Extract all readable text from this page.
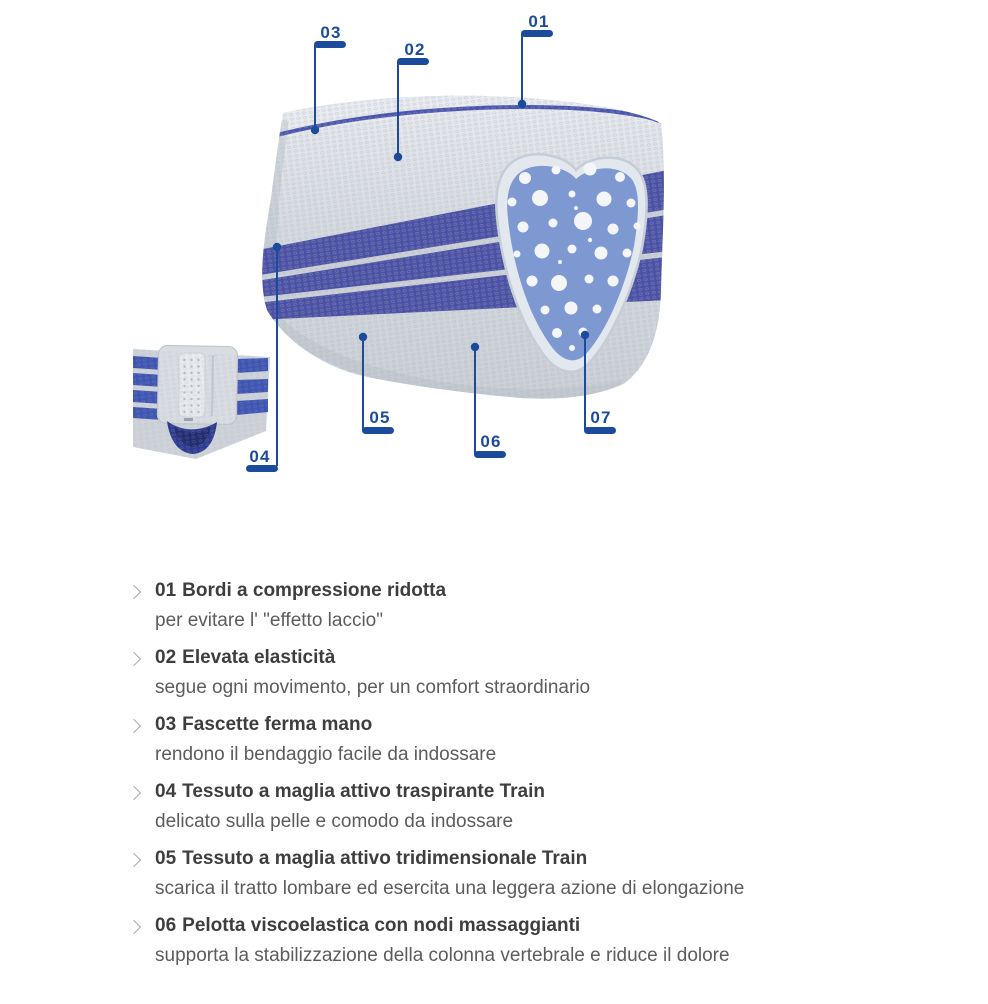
01
02
03
04
05
06
07
01 Bordi a compressione ridotta
per evitare l' "effetto laccio"
02 Elevata elasticità
segue ogni movimento, per un comfort straordinario
03 Fascette ferma mano
rendono il bendaggio facile da indossare
04 Tessuto a maglia attivo traspirante Train
delicato sulla pelle e comodo da indossare
05 Tessuto a maglia attivo tridimensionale Train
scarica il tratto lombare ed esercita una leggera azione di elongazione
06 Pelotta viscoelastica con nodi massaggianti
supporta la stabilizzazione della colonna vertebrale e riduce il dolore
